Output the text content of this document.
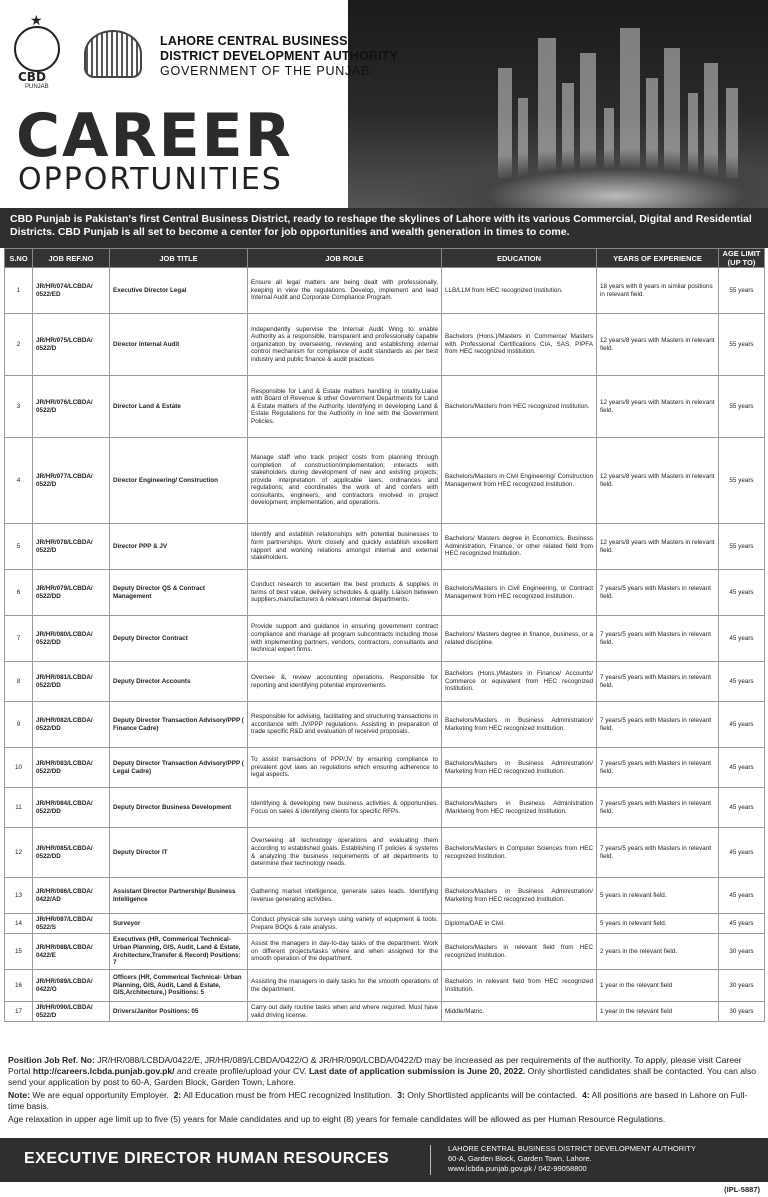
★
CBD
PUNJAB
LAHORE CENTRAL BUSINESS
DISTRICT DEVELOPMENT AUTHORITY
GOVERNMENT OF THE PUNJAB
CAREER
OPPORTUNITIES
CBD Punjab is Pakistan's first Central Business District, ready to reshape the skylines of Lahore with its various Commercial, Digital and Residential Districts. CBD Punjab is all set to become a center for job opportunities and wealth generation in times to come.
S.NO	JOB REF.NO	JOB TITLE	JOB ROLE	EDUCATION	YEARS OF EXPERIENCE	AGE LIMIT (UP TO)
1	JR/HR/074/LCBDA/ 0522/ED	Executive Director Legal	Ensure all legal matters are being dealt with professionally, keeping in view the regulations. Develop, implement and lead Internal Audit and Corporate Compliance Program.	LLB/LLM from HEC recognized Institution.	18 years with 8 years in similar positions in relevant field.	55 years
2	JR/HR/075/LCBDA/ 0522/D	Director Internal Audit	Independently supervise the Internal Audit Wing to enable Authority as a responsible, transparent and professionally capable organization by overseeing, reviewing and establishing internal control mechanism for compliance of audit standards as per best industry and public finance & audit practices	Bachelors (Hons.)/Masters in Commerce/ Masters with Professional Certifications CIA, SAS, PIPFA from HEC recognized Institution.	12 years/8 years with Masters in relevant field.	55 years
3	JR/HR/076/LCBDA/ 0522/D	Director Land & Estate	Responsible for Land & Estate matters handling in totality.Liaise with Board of Revenue & other Government Departments for Land & Estate matters of the Authority. Identifying in developing Land & Estate Regulations for the Authority in line with the Government Policies.	Bachelors/Masters from HEC recognized Institution.	12 years/8 years with Masters in relevant field.	55 years
4	JR/HR/077/LCBDA/ 0522/D	Director Engineering/ Construction	Manage staff who track project costs from planning through completion of construction/implementation; interacts with stakeholders during development of new and existing projects; provide interpretation of applicable laws, ordinances and regulations; and coordinates the work of and confers with consultants, engineers, and contractors involved in project development, implementation, and operations.	Bachelors/Masters in Civil Engineering/ Construction Management from HEC recognized Institution.	12 years/8 years with Masters in relevant field.	55 years
5	JR/HR/078/LCBDA/ 0522/D	Director PPP & JV	Identify and establish relationships with potential businesses to form partnerships. Work closely and quickly establish excellent rapport and working relations amongst internal and external stakeholders.	Bachelors/ Masters degree in Economics, Business Administration, Finance, or other related field from HEC recognized Institution.	12 years/8 years with Masters in relevant field.	55 years
6	JR/HR/079/LCBDA/ 0522/DD	Deputy Director QS & Contract Management	Conduct research to ascertain the best products & supplies in terms of best value, delivery schedules & quality. Liaison between suppliers,manufacturers & relevant internal departments.	Bachelors/Masters in Civil Engineering, or Contract Management from HEC recognized Institution.	7 years/5 years with Masters in relevant field.	45 years
7	JR/HR/080/LCBDA/ 0522/DD	Deputy Director Contract	Provide support and guidance in ensuring government contract compliance and manage all program subcontracts including those with implementing partners, vendors, contractors, consultants and technical expert firms.	Bachelors/ Masters degree in finance, business, or a related discipline.	7 years/5 years with Masters in relevant field.	45 years
8	JR/HR/081/LCBDA/ 0522/DD	Deputy Director Accounts	Oversee &, review accounting operations. Responsible for reporting and identifying potential improvements.	Bachelors (Hons.)/Masters in Finance/ Accounts/ Commerce or equivalent from HEC recognized Institution.	7 years/5 years with Masters in relevant field.	45 years
9	JR/HR/082/LCBDA/ 0522/DD	Deputy Director Transaction Advisory/PPP ( Finance Cadre)	Responsible for advising, facilitating and structuring transactions in accordance with JV/PPP regulations. Assisting in preparation of trade specific R&D and evaluation of received proposals.	Bachelors/Masters in Business Administration/ Marketing from HEC recognized Institution.	7 years/5 years with Masters in relevant field.	45 years
10	JR/HR/083/LCBDA/ 0522/DD	Deputy Director Transaction Advisory/PPP ( Legal Cadre)	To assist transactions of PPP/JV by ensuring compliance to prevalent govt laws an regulations which ensuring adherence to legal aspects.	Bachelors/Masters in Business Administration/ Marketing from HEC recognized Institution.	7 years/5 years with Masters in relevant field.	45 years
11	JR/HR/084/LCBDA/ 0522/DD	Deputy Director Business Development	Identifying & developing new business activities & opportunities. Focus on sales & identifying clients for specific RFPs.	Bachelors/Masters in Business Administration /Markteing from HEC recognized Institution.	7 years/5 years with Masters in relevant field.	45 years
12	JR/HR/085/LCBDA/ 0522/DD	Deputy Director IT	Overseeing all technology operations and evaluating them according to established goals. Establishing IT policies & systems & analyzing the business requirements of all departments to determine their technology needs.	Bachelors/Masters in Computer Sciences from HEC recognized Institution.	7 years/5 years with Masters in relevant field.	45 years
13	JR/HR/086/LCBDA/ 0422/AD	Assistant Director Partnership/ Business Intelligence	Gathering market intelligence, generate sales leads. Identifying revenue generating activities.	Bachelors/Masters in Business Administration/ Marketing from HEC recognized Institution.	5 years in relevant field.	45 years
14	JR/HR/087/LCBDA/ 0522/S	Surveyor	Conduct physical site surveys using variety of equipment & tools. Prepare BOQs & rate analysis.	Diploma/DAE in Civil.	5 years in relevant field.	45 years
15	JR/HR/088/LCBDA/ 0422/E	Executives (HR, Commerical Technical- Urban Planning, GIS, Audit, Land & Estate, Architecture,Transfer & Record) Positions: 7	Assist the managers in day-to-day tasks of the department. Work on different projects/tasks where and when assigned for the smooth operation of the department.	Bachelors/Masters in relevant field from HEC recognized Institution.	2 years in the relevant field.	30 years
16	JR/HR/089/LCBDA/ 0422/O	Officers (HR, Commerical Technical- Urban Planning, GIS, Audit, Land & Estate, GIS,Architecture,) Positions: 5	Assisting the managers in daily tasks for the smooth operations of the department.	Bachelors in relevant field from HEC recognized Institution.	1 year in the relevant field	30 years
17	JR/HR/090/LCBDA/ 0522/D	Drivers/Janitor Positions: 05	Carry out daily routine tasks when and where required. Must have valid driving license.	Middle/Matric.	1 year in the relevant field	30 years

Position Job Ref. No: JR/HR/088/LCBDA/0422/E, JR/HR/089/LCBDA/0422/O & JR/HR/090/LCBDA/0422/D may be increased as per requirements of the authority. To apply, please visit Career Portal http://careers.lcbda.punjab.gov.pk/ and create profile/upload your CV. Last date of application submission is June 20, 2022. Only shortlisted candidates shall be contacted. You can also send your application by post to 60-A, Garden Block, Garden Town, Lahore.

Note: We are equal opportunity Employer. 2: All Education must be from HEC recognized Institution. 3: Only Shortlisted applicants will be contacted. 4: All positions are based in Lahore on Full-time basis.

Age relaxation in upper age limit up to five (5) years for Male candidates and up to eight (8) years for female candidates will be allowed as per Human Resource Regulations.

EXECUTIVE DIRECTOR HUMAN RESOURCES
LAHORE CENTRAL BUSINESS DISTRICT DEVELOPMENT AUTHORITY
60-A, Garden Block, Garden Town, Lahore.
www.lcbda.punjab.gov.pk / 042-99058800
(IPL-5887)
